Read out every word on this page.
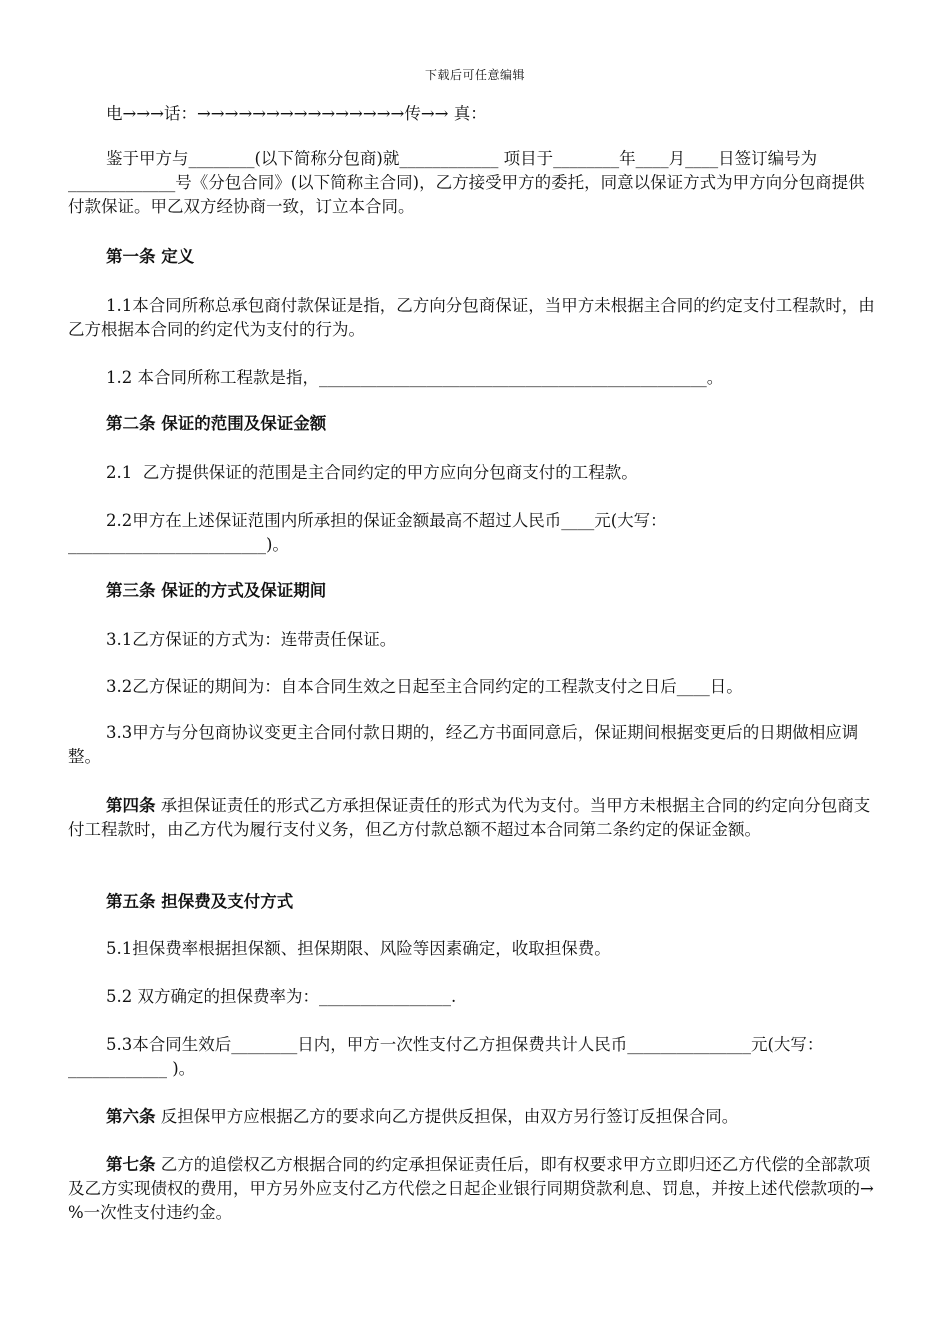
下载后可任意编辑

电→→→话：→→→→→→→→→→→→→→→传→→ 真：

鉴于甲方与________(以下简称分包商)就____________ 项目于________年____月____日签订编号为_____________号《分包合同》(以下简称主合同)，乙方接受甲方的委托，同意以保证方式为甲方向分包商提供付款保证。甲乙双方经协商一致，订立本合同。

第一条 定义

1.1本合同所称总承包商付款保证是指，乙方向分包商保证，当甲方未根据主合同的约定支付工程款时，由乙方根据本合同的约定代为支付的行为。

1.2 本合同所称工程款是指，_______________________________________________。

第二条 保证的范围及保证金额

2.1  乙方提供保证的范围是主合同约定的甲方应向分包商支付的工程款。

2.2甲方在上述保证范围内所承担的保证金额最高不超过人民币____元(大写：________________________)。

第三条 保证的方式及保证期间

3.1乙方保证的方式为：连带责任保证。

3.2乙方保证的期间为：自本合同生效之日起至主合同约定的工程款支付之日后____日。

3.3甲方与分包商协议变更主合同付款日期的，经乙方书面同意后，保证期间根据变更后的日期做相应调整。

第四条 承担保证责任的形式乙方承担保证责任的形式为代为支付。当甲方未根据主合同的约定向分包商支付工程款时，由乙方代为履行支付义务，但乙方付款总额不超过本合同第二条约定的保证金额。

第五条 担保费及支付方式

5.1担保费率根据担保额、担保期限、风险等因素确定，收取担保费。

5.2 双方确定的担保费率为：________________.

5.3本合同生效后________日内，甲方一次性支付乙方担保费共计人民币_______________元(大写：____________ )。

第六条 反担保甲方应根据乙方的要求向乙方提供反担保，由双方另行签订反担保合同。

第七条 乙方的追偿权乙方根据合同的约定承担保证责任后，即有权要求甲方立即归还乙方代偿的全部款项及乙方实现债权的费用，甲方另外应支付乙方代偿之日起企业银行同期贷款利息、罚息，并按上述代偿款项的→ %一次性支付违约金。
